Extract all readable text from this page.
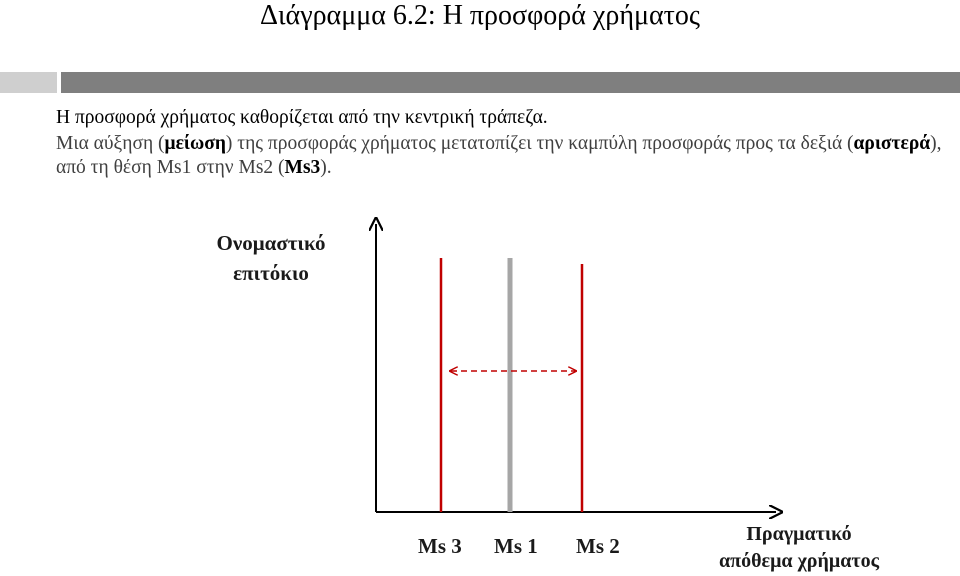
Διάγραμμα 6.2: Η προσφορά χρήματος

Η προσφορά χρήματος καθορίζεται από την κεντρική τράπεζα.

Μια αύξηση (μείωση) της προσφοράς χρήματος μετατοπίζει την καμπύλη προσφοράς προς τα δεξιά (αριστερά), από τη θέση Ms1 στην Ms2 (Ms3).

Ονομαστικό
επιτόκιο
Ms 3 Ms 1 Ms 2	Πραγματικό
απόθεμα χρήματος
